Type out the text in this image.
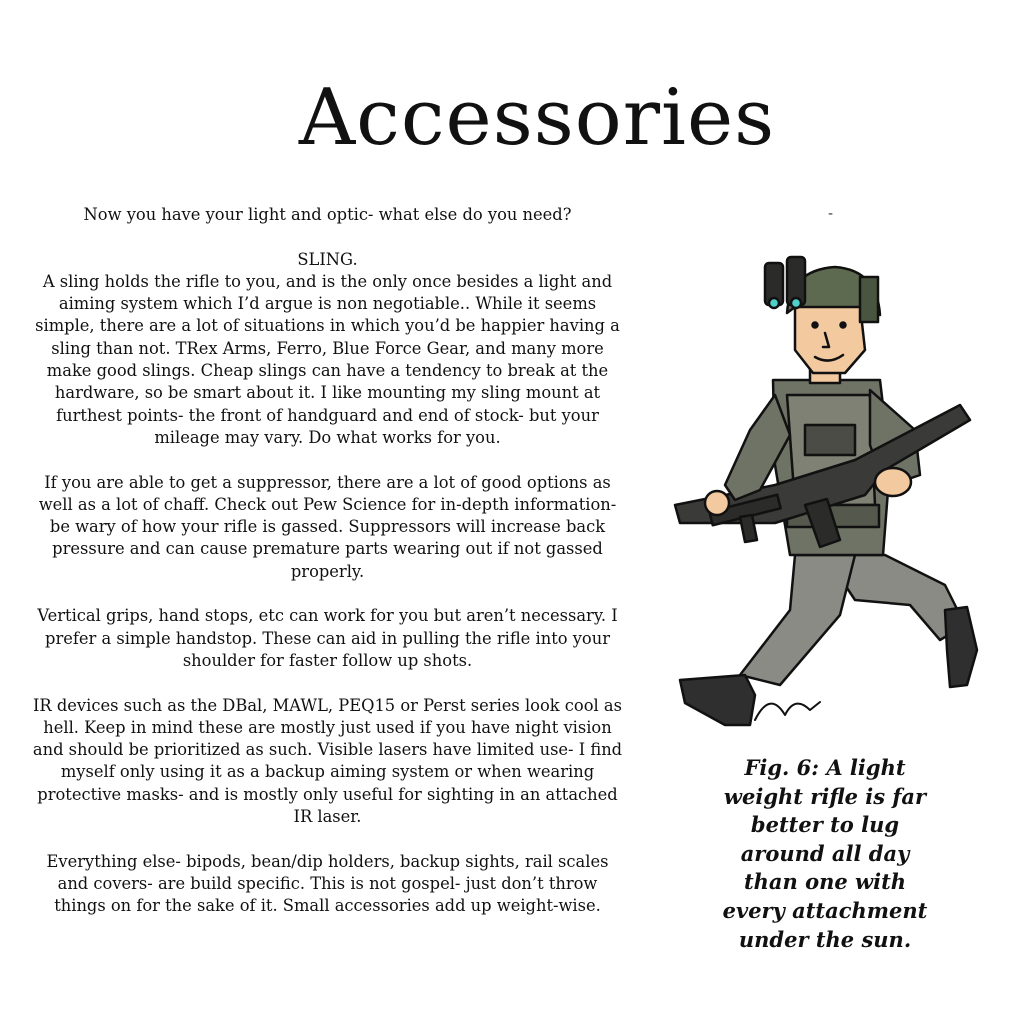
Accessories
-

Now you have your light and optic- what else do you need?

SLING.

A sling holds the rifle to you, and is the only once besides a light and aiming system which I’d argue is non negotiable.. While it seems simple, there are a lot of situations in which you’d be happier having a sling than not. TRex Arms, Ferro, Blue Force Gear, and many more make good slings. Cheap slings can have a tendency to break at the hardware, so be smart about it. I like mounting my sling mount at furthest points- the front of handguard and end of stock- but your mileage may vary. Do what works for you.

If you are able to get a suppressor, there are a lot of good options as well as a lot of chaff. Check out Pew Science for in-depth information- be wary of how your rifle is gassed. Suppressors will increase back pressure and can cause premature parts wearing out if not gassed properly.

Vertical grips, hand stops, etc can work for you but aren’t necessary. I prefer a simple handstop. These can aid in pulling the rifle into your shoulder for faster follow up shots.

IR devices such as the DBal, MAWL, PEQ15 or Perst series look cool as hell. Keep in mind these are mostly just used if you have night vision and should be prioritized as such. Visible lasers have limited use- I find myself only using it as a backup aiming system or when wearing protective masks- and is mostly only useful for sighting in an attached IR laser.

Everything else- bipods, bean/dip holders, backup sights, rail scales and covers- are build specific. This is not gospel- just don’t throw things on for the sake of it. Small accessories add up weight-wise.

Fig. 6: A light weight rifle is far better to lug around all day than one with every attachment under the sun.
